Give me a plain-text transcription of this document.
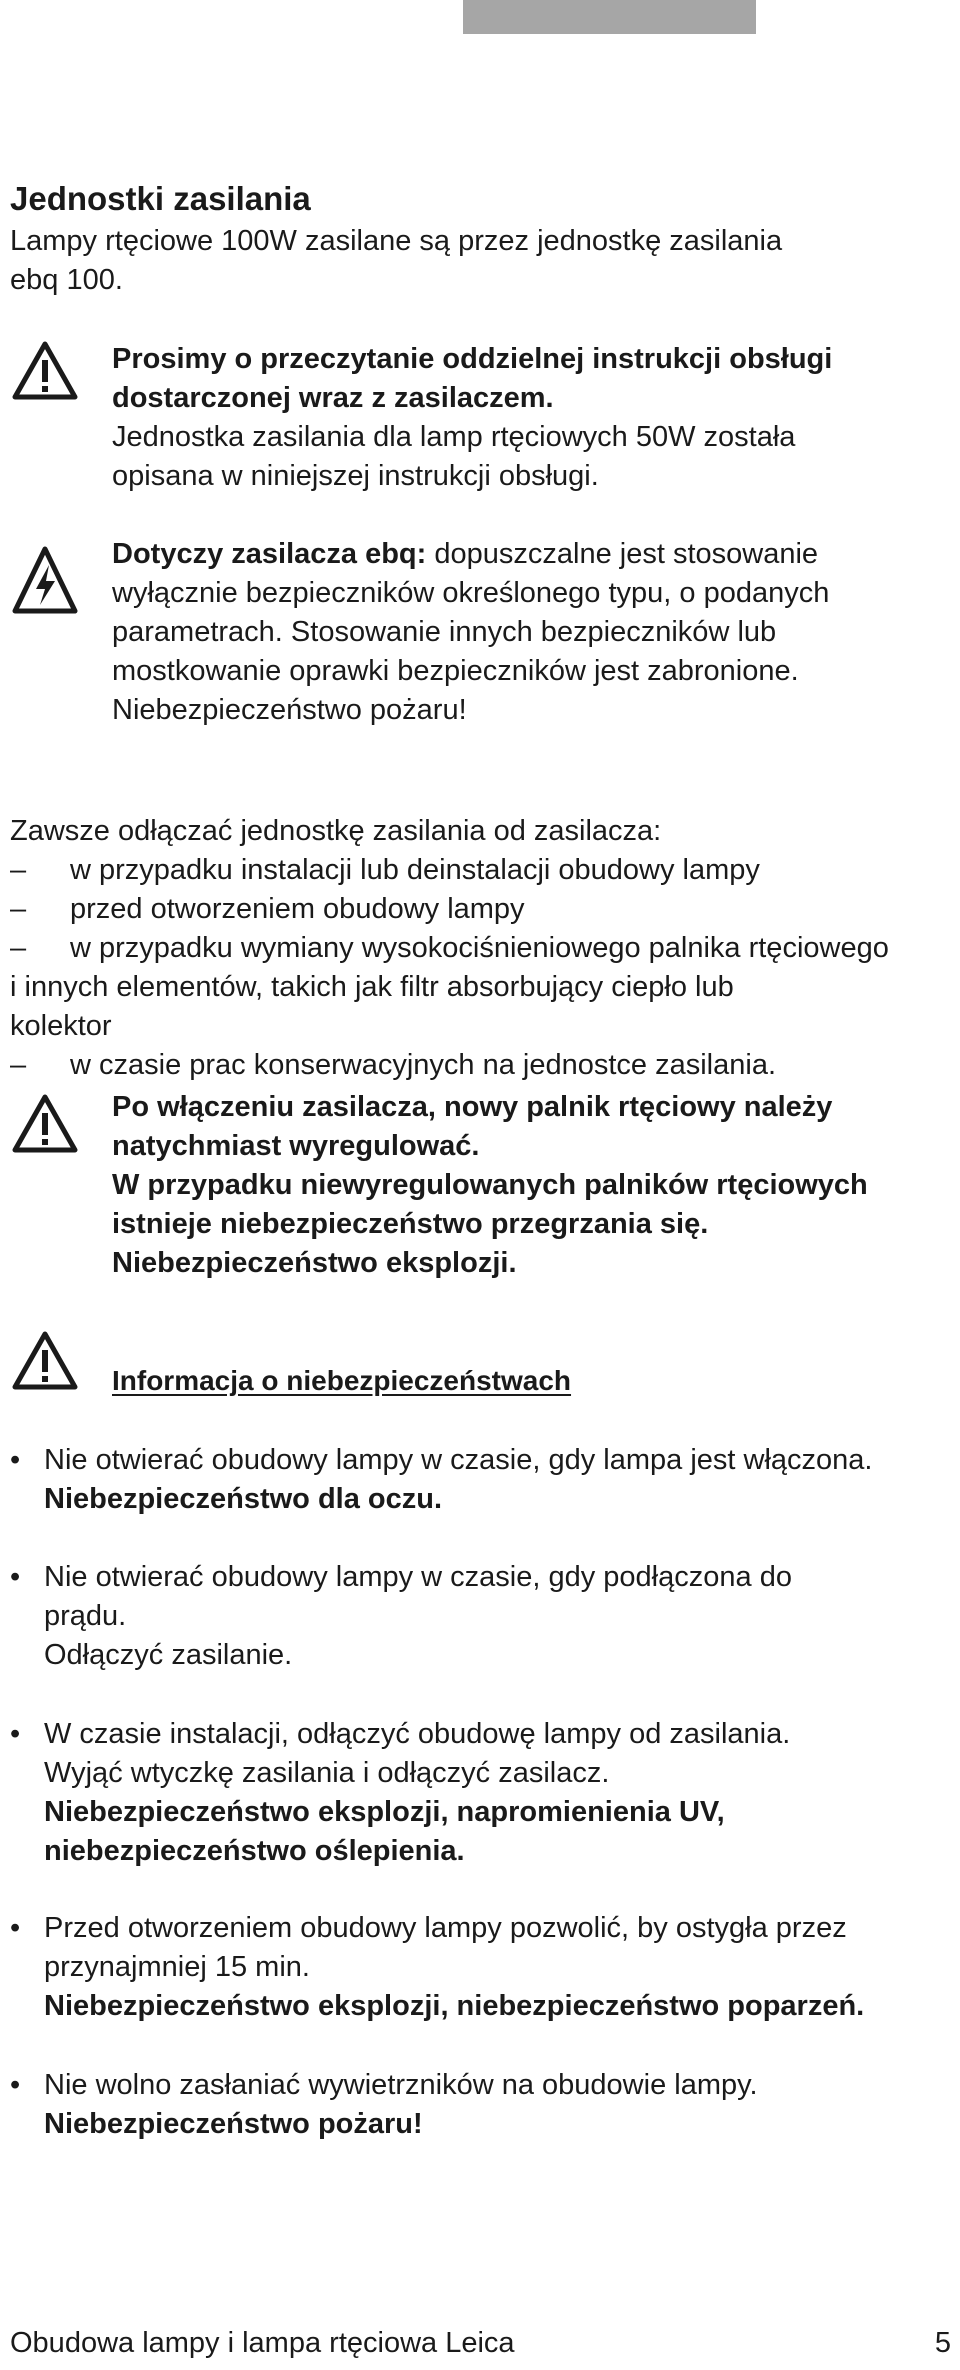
Jednostki zasilania
Lampy rtęciowe 100W zasilane są przez jednostkę zasilania
ebq 100.
Prosimy o przeczytanie oddzielnej instrukcji obsługi
dostarczonej wraz z zasilaczem.
Jednostka zasilania dla lamp rtęciowych 50W została
opisana w niniejszej instrukcji obsługi.
Dotyczy zasilacza ebq: dopuszczalne jest stosowanie
wyłącznie bezpieczników określonego typu, o podanych
parametrach. Stosowanie innych bezpieczników lub
mostkowanie oprawki bezpieczników jest zabronione.
Niebezpieczeństwo pożaru!
Zawsze odłączać jednostkę zasilania od zasilacza:
– w przypadku instalacji lub deinstalacji obudowy lampy
– przed otworzeniem obudowy lampy
– w przypadku wymiany wysokociśnieniowego palnika rtęciowego
i innych elementów, takich jak filtr absorbujący ciepło lub
kolektor
– w czasie prac konserwacyjnych na jednostce zasilania.
Po włączeniu zasilacza, nowy palnik rtęciowy należy
natychmiast wyregulować.
W przypadku niewyregulowanych palników rtęciowych
istnieje niebezpieczeństwo przegrzania się.
Niebezpieczeństwo eksplozji.
Informacja o niebezpieczeństwach
• Nie otwierać obudowy lampy w czasie, gdy lampa jest włączona.
Niebezpieczeństwo dla oczu.
• Nie otwierać obudowy lampy w czasie, gdy podłączona do
prądu.
Odłączyć zasilanie.
• W czasie instalacji, odłączyć obudowę lampy od zasilania.
Wyjąć wtyczkę zasilania i odłączyć zasilacz.
Niebezpieczeństwo eksplozji, napromienienia UV,
niebezpieczeństwo oślepienia.
• Przed otworzeniem obudowy lampy pozwolić, by ostygła przez
przynajmniej 15 min.
Niebezpieczeństwo eksplozji, niebezpieczeństwo poparzeń.
• Nie wolno zasłaniać wywietrzników na obudowie lampy.
Niebezpieczeństwo pożaru!
Obudowa lampy i lampa rtęciowa Leica	5
